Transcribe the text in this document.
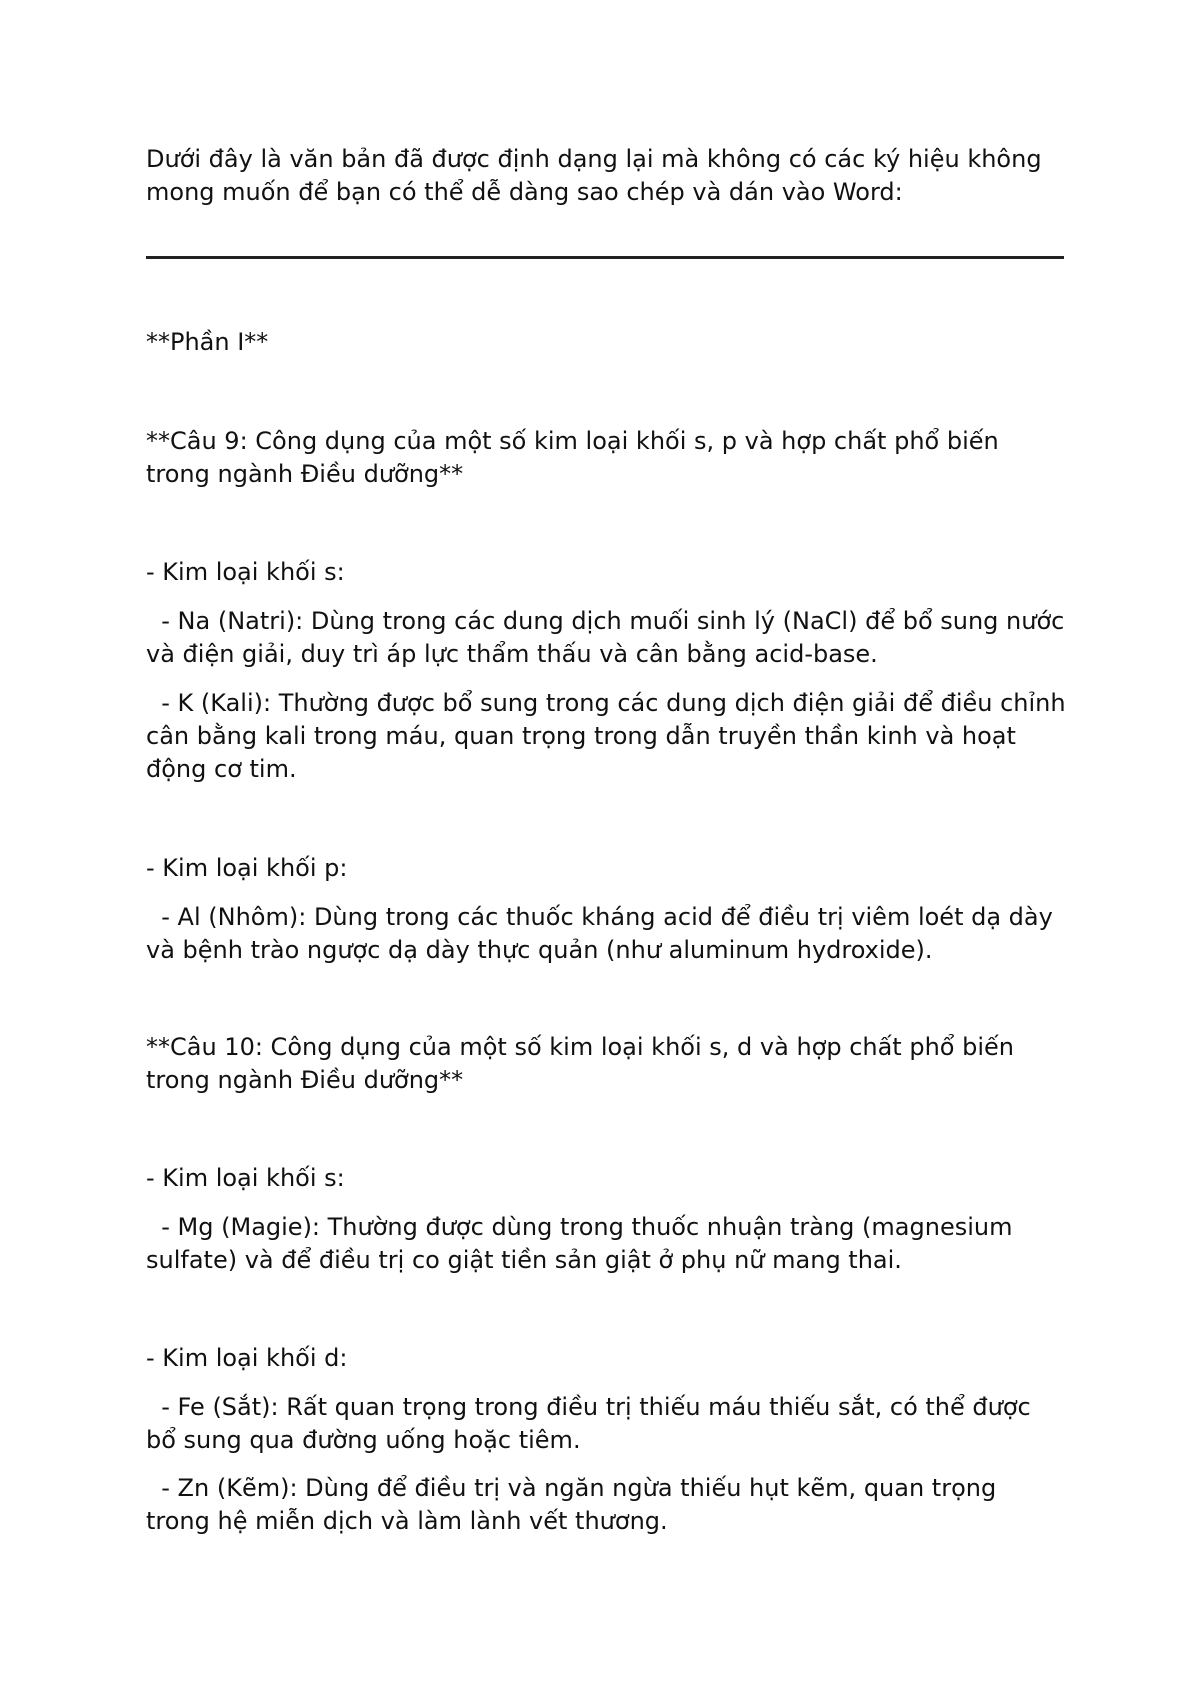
Dưới đây là văn bản đã được định dạng lại mà không có các ký hiệu không mong muốn để bạn có thể dễ dàng sao chép và dán vào Word:
**Phần I**
**Câu 9: Công dụng của một số kim loại khối s, p và hợp chất phổ biến trong ngành Điều dưỡng**
- Kim loại khối s:
- Na (Natri): Dùng trong các dung dịch muối sinh lý (NaCl) để bổ sung nước và điện giải, duy trì áp lực thẩm thấu và cân bằng acid-base.
- K (Kali): Thường được bổ sung trong các dung dịch điện giải để điều chỉnh cân bằng kali trong máu, quan trọng trong dẫn truyền thần kinh và hoạt động cơ tim.
- Kim loại khối p:
- Al (Nhôm): Dùng trong các thuốc kháng acid để điều trị viêm loét dạ dày và bệnh trào ngược dạ dày thực quản (như aluminum hydroxide).
**Câu 10: Công dụng của một số kim loại khối s, d và hợp chất phổ biến trong ngành Điều dưỡng**
- Kim loại khối s:
- Mg (Magie): Thường được dùng trong thuốc nhuận tràng (magnesium sulfate) và để điều trị co giật tiền sản giật ở phụ nữ mang thai.
- Kim loại khối d:
- Fe (Sắt): Rất quan trọng trong điều trị thiếu máu thiếu sắt, có thể được bổ sung qua đường uống hoặc tiêm.
- Zn (Kẽm): Dùng để điều trị và ngăn ngừa thiếu hụt kẽm, quan trọng trong hệ miễn dịch và làm lành vết thương.
